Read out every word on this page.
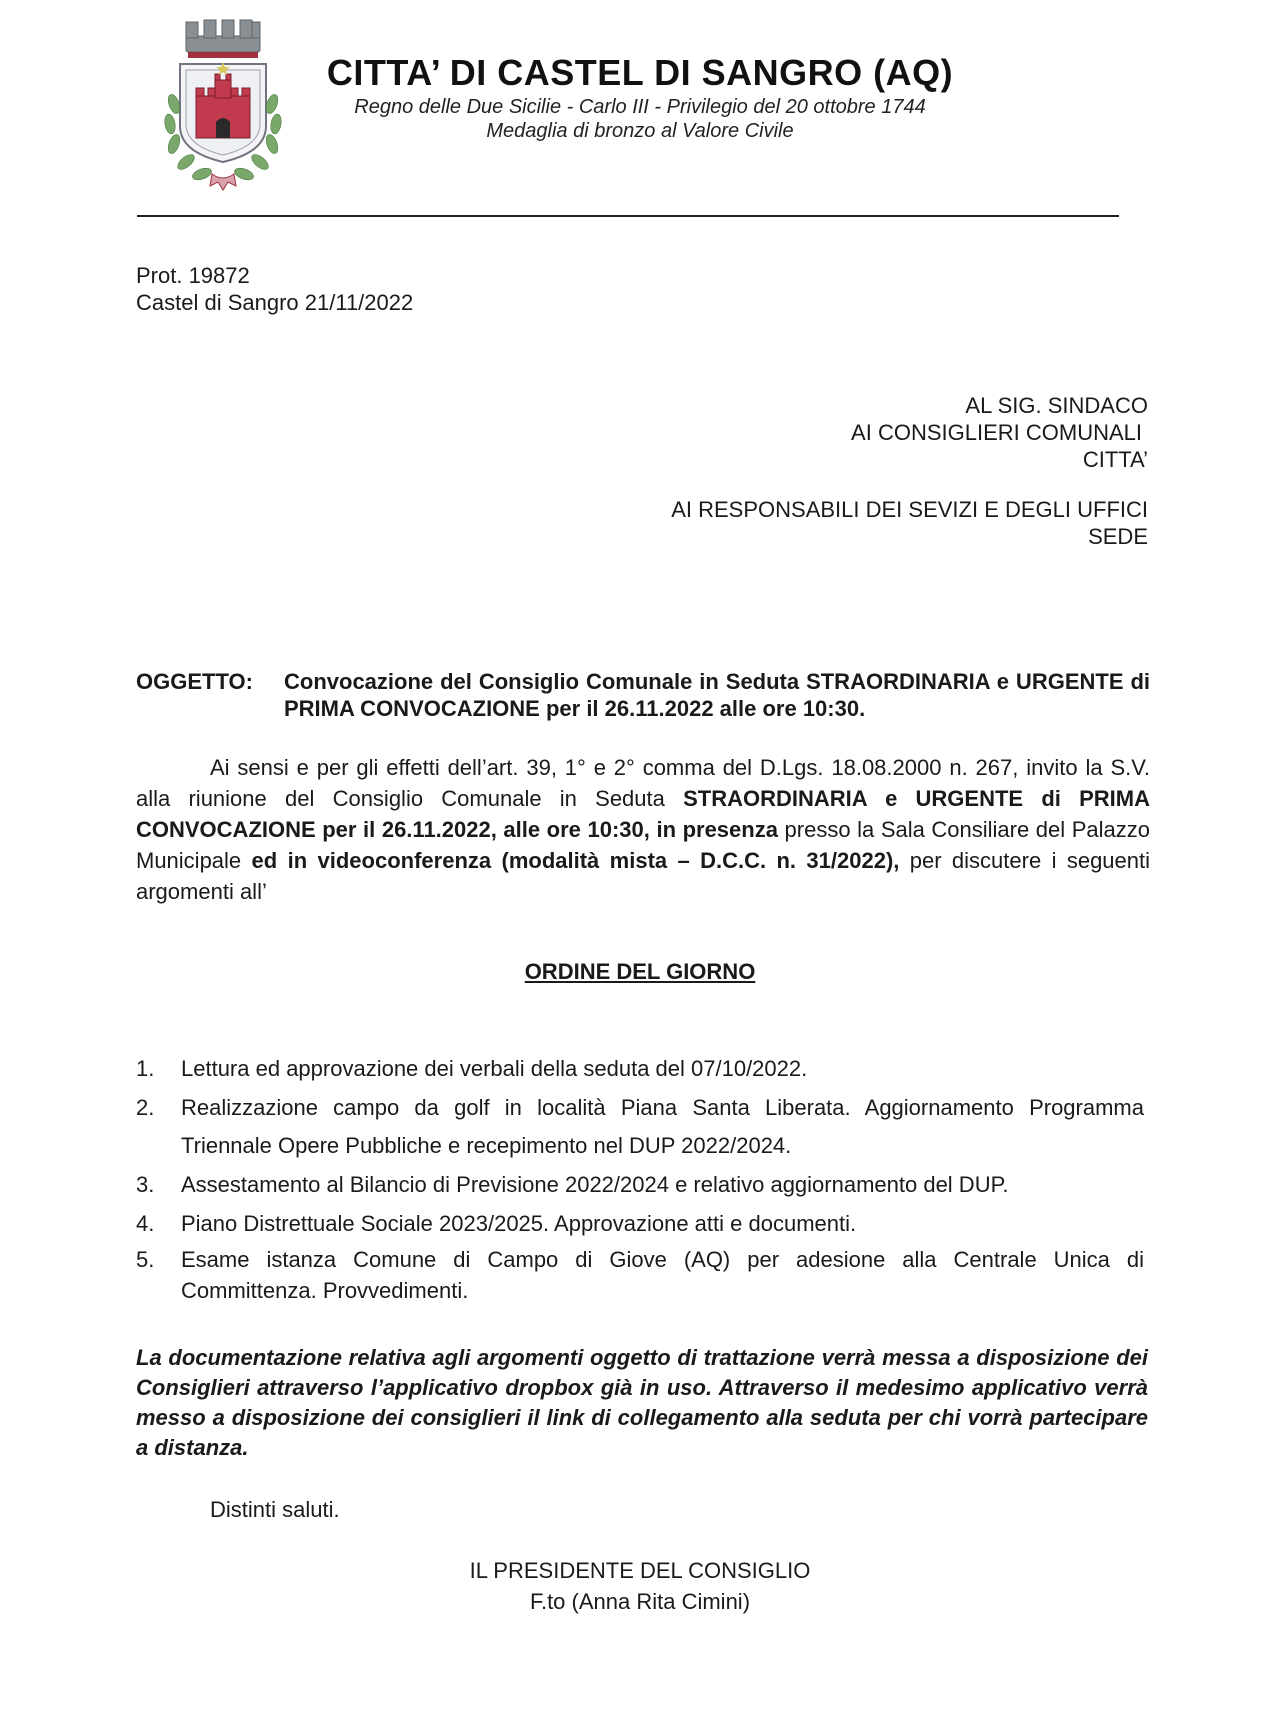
CITTA’ DI CASTEL DI SANGRO (AQ)
Regno delle Due Sicilie - Carlo III - Privilegio del 20 ottobre 1744
Medaglia di bronzo al Valore Civile
Prot. 19872
Castel di Sangro 21/11/2022
AL SIG. SINDACO
AI CONSIGLIERI COMUNALI
CITTA’
AI RESPONSABILI DEI SEVIZI E DEGLI UFFICI
SEDE
OGGETTO: Convocazione del Consiglio Comunale in Seduta STRAORDINARIA e URGENTE di PRIMA CONVOCAZIONE per il 26.11.2022 alle ore 10:30.
Ai sensi e per gli effetti dell’art. 39, 1° e 2° comma del D.Lgs. 18.08.2000 n. 267, invito la S.V. alla riunione del Consiglio Comunale in Seduta STRAORDINARIA e URGENTE di PRIMA CONVOCAZIONE per il 26.11.2022, alle ore 10:30, in presenza presso la Sala Consiliare del Palazzo Municipale ed in videoconferenza (modalità mista – D.C.C. n. 31/2022), per discutere i seguenti argomenti all’
ORDINE DEL GIORNO
1. Lettura ed approvazione dei verbali della seduta del 07/10/2022.
2. Realizzazione campo da golf in località Piana Santa Liberata. Aggiornamento Programma Triennale Opere Pubbliche e recepimento nel DUP 2022/2024.
3. Assestamento al Bilancio di Previsione 2022/2024 e relativo aggiornamento del DUP.
4. Piano Distrettuale Sociale 2023/2025. Approvazione atti e documenti.
5. Esame istanza Comune di Campo di Giove (AQ) per adesione alla Centrale Unica di Committenza. Provvedimenti.
La documentazione relativa agli argomenti oggetto di trattazione verrà messa a disposizione dei Consiglieri attraverso l’applicativo dropbox già in uso. Attraverso il medesimo applicativo verrà messo a disposizione dei consiglieri il link di collegamento alla seduta per chi vorrà partecipare a distanza.
Distinti saluti.
IL PRESIDENTE DEL CONSIGLIO
F.to (Anna Rita Cimini)
